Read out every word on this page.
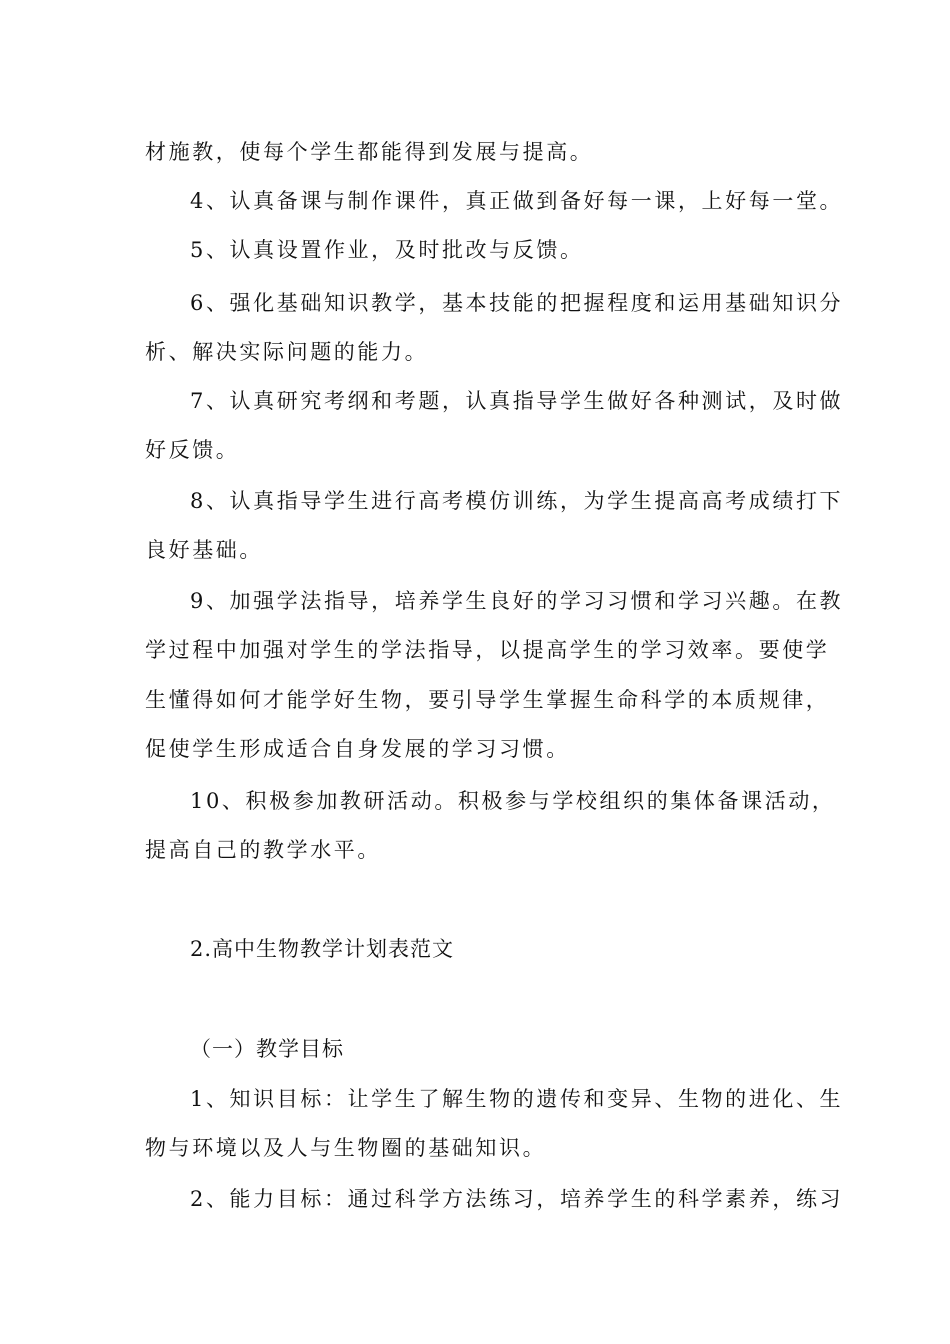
材施教，使每个学生都能得到发展与提高。
4、认真备课与制作课件，真正做到备好每一课，上好每一堂。
5、认真设置作业，及时批改与反馈。
6、强化基础知识教学，基本技能的把握程度和运用基础知识分
析、解决实际问题的能力。
7、认真研究考纲和考题，认真指导学生做好各种测试，及时做
好反馈。
8、认真指导学生进行高考模仿训练，为学生提高高考成绩打下
良好基础。
9、加强学法指导，培养学生良好的学习习惯和学习兴趣。在教
学过程中加强对学生的学法指导，以提高学生的学习效率。要使学
生懂得如何才能学好生物，要引导学生掌握生命科学的本质规律，
促使学生形成适合自身发展的学习习惯。
10、积极参加教研活动。积极参与学校组织的集体备课活动，
提高自己的教学水平。
2.高中生物教学计划表范文
（一）教学目标
1、知识目标：让学生了解生物的遗传和变异、生物的进化、生
物与环境以及人与生物圈的基础知识。
2、能力目标：通过科学方法练习，培养学生的科学素养，练习
